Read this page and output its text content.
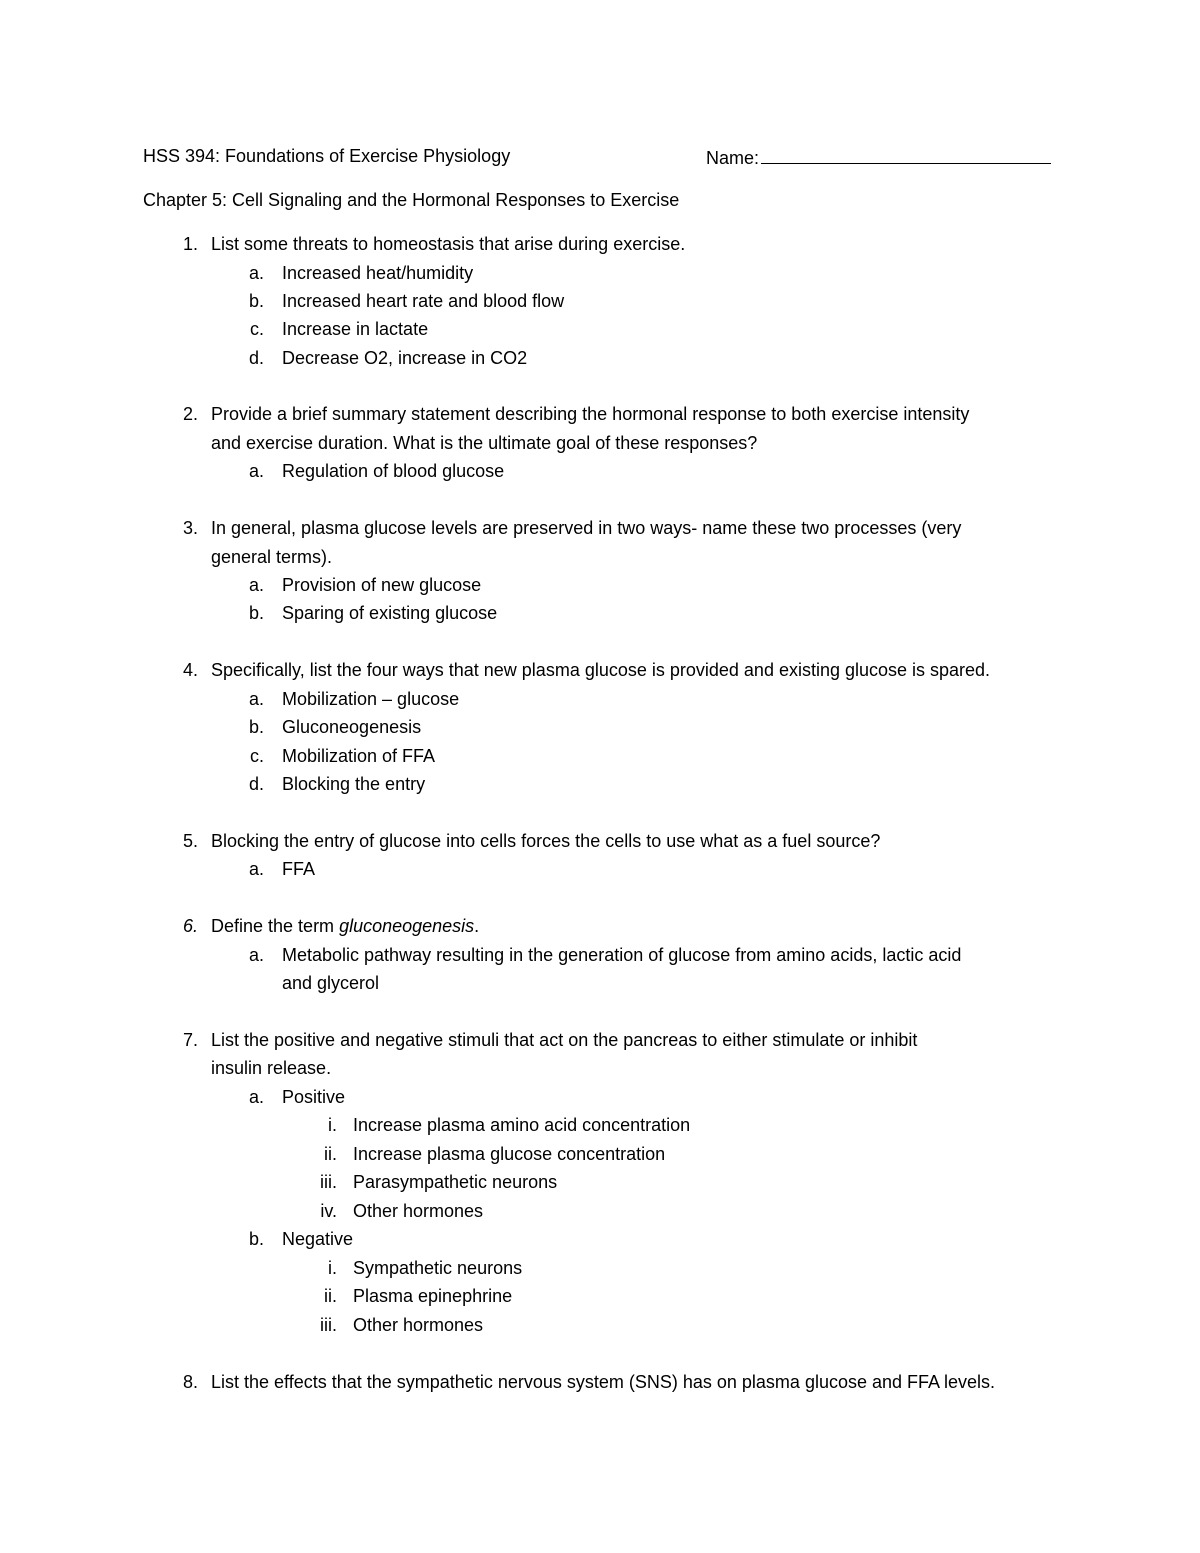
HSS 394: Foundations of Exercise Physiology	Name:
Chapter 5: Cell Signaling and the Hormonal Responses to Exercise
1. List some threats to homeostasis that arise during exercise.
a. Increased heat/humidity
b. Increased heart rate and blood flow
c. Increase in lactate
d. Decrease O2, increase in CO2
2. Provide a brief summary statement describing the hormonal response to both exercise intensity
and exercise duration. What is the ultimate goal of these responses?
a. Regulation of blood glucose
3. In general, plasma glucose levels are preserved in two ways- name these two processes (very
general terms).
a. Provision of new glucose
b. Sparing of existing glucose
4. Specifically, list the four ways that new plasma glucose is provided and existing glucose is spared.
a. Mobilization – glucose
b. Gluconeogenesis
c. Mobilization of FFA
d. Blocking the entry
5. Blocking the entry of glucose into cells forces the cells to use what as a fuel source?
a. FFA
6. Define the term gluconeogenesis.
a. Metabolic pathway resulting in the generation of glucose from amino acids, lactic acid
and glycerol
7. List the positive and negative stimuli that act on the pancreas to either stimulate or inhibit
insulin release.
a. Positive
i. Increase plasma amino acid concentration
ii. Increase plasma glucose concentration
iii. Parasympathetic neurons
iv. Other hormones
b. Negative
i. Sympathetic neurons
ii. Plasma epinephrine
iii. Other hormones
8. List the effects that the sympathetic nervous system (SNS) has on plasma glucose and FFA levels.
